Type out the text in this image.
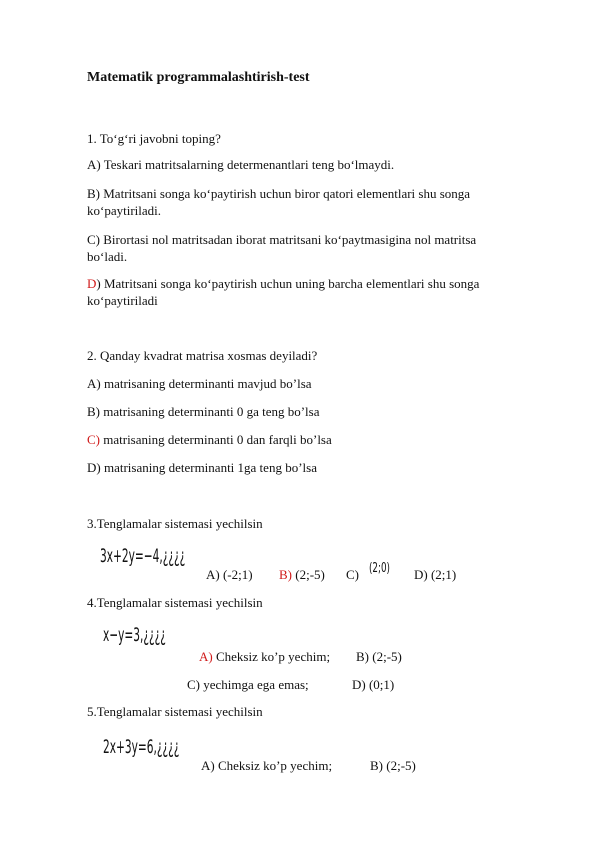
Matematik programmalashtirish-test
1. To‘g‘ri javobni toping?
A) Teskari matritsalarning determenantlari teng bo‘lmaydi.
B) Matritsani songa ko‘paytirish uchun biror qatori elementlari shu songa
ko‘paytiriladi.
C) Birortasi nol matritsadan iborat matritsani ko‘paytmasigina nol matritsa
bo‘ladi.
D) Matritsani songa ko‘paytirish uchun uning barcha elementlari shu songa
ko‘paytiriladi
2. Qanday kvadrat matrisa xosmas deyiladi?
A) matrisaning determinanti mavjud bo’lsa
B) matrisaning determinanti 0 ga teng bo’lsa
C) matrisaning determinanti 0 dan farqli bo’lsa
D) matrisaning determinanti 1ga teng bo’lsa
3.Tenglamalar sistemasi yechilsin
3x+2y=−4,¿¿¿¿
A) (-2;1) B) (2;-5) C) (2;0) D) (2;1)
4.Tenglamalar sistemasi yechilsin
x−y=3,¿¿¿¿
A) Cheksiz ko’p yechim; B) (2;-5)
C) yechimga ega emas;	D) (0;1)
5.Tenglamalar sistemasi yechilsin
2x+3y=6,¿¿¿¿
A) Cheksiz ko’p yechim;	B) (2;-5)
